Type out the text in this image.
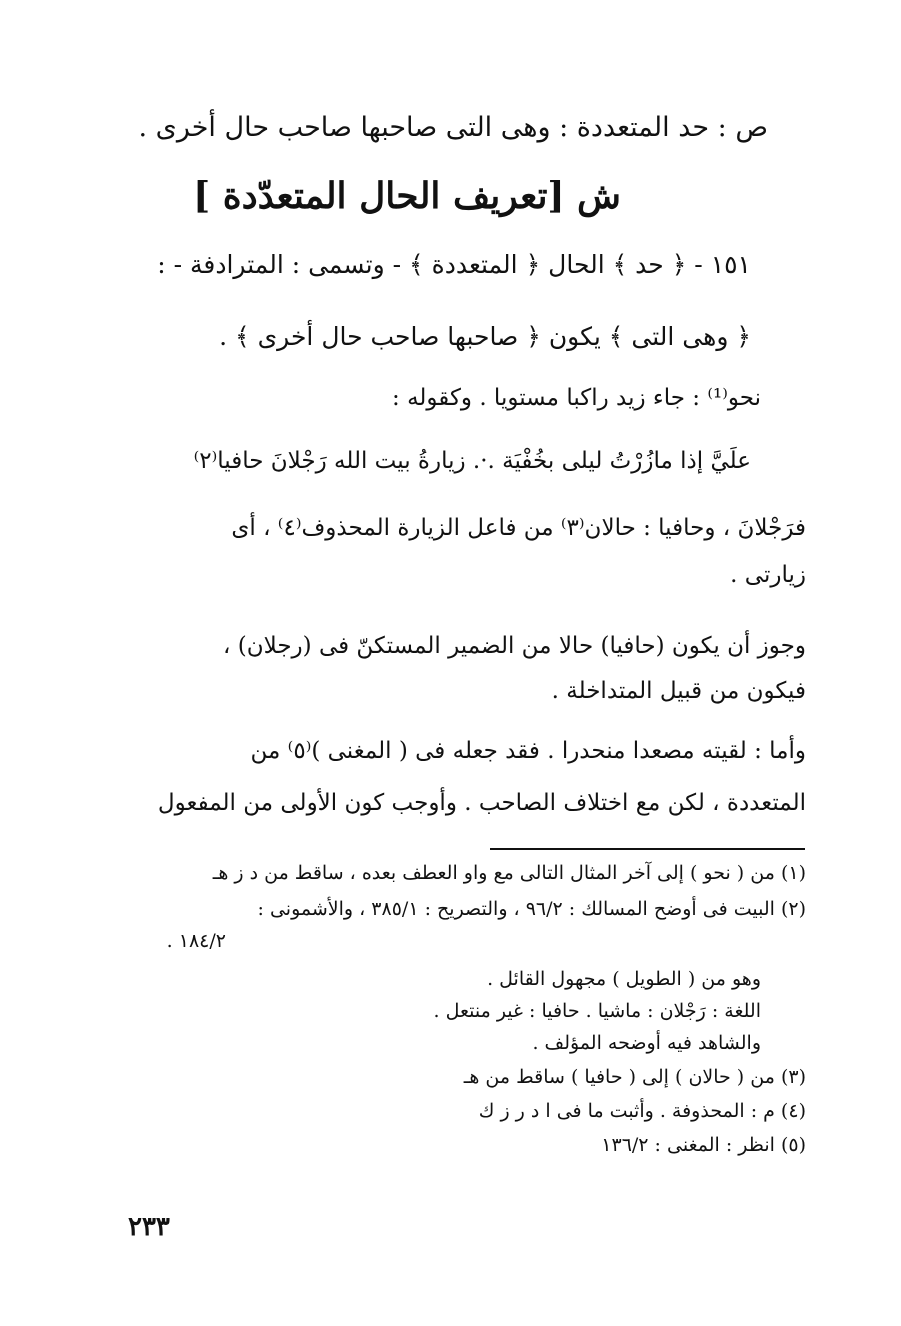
ص : حد المتعددة : وهى التى صاحبها صاحب حال أخرى .
ش [تعريف الحال المتعدّدة ]
١٥١ - ﴿ حد ﴾ الحال ﴿ المتعددة ﴾ - وتسمى : المترادفة - :
﴿ وهى التى ﴾ يكون ﴿ صاحبها صاحب حال أخرى ﴾ .
نحو⁽¹⁾ : جاء زيد راكبا مستويا . وكقوله :
علَيَّ إذا مازُرْتُ ليلى بخُفْيَة .·. زيارةُ بيت الله رَجْلانَ حافيا⁽٢⁾
فرَجْلانَ ، وحافيا : حالان⁽٣⁾ من فاعل الزيارة المحذوف⁽٤⁾ ، أى
زيارتى .
وجوز أن يكون (حافيا) حالا من الضمير المستكنّ فى (رجلان) ،
فيكون من قبيل المتداخلة .
وأما : لقيته مصعدا منحدرا . فقد جعله فى ( المغنى )⁽٥⁾ من
المتعددة ، لكن مع اختلاف الصاحب . وأوجب كون الأولى من المفعول
(١) من ( نحو ) إلى آخر المثال التالى مع واو العطف بعده ، ساقط من د ز هـ
(٢) البيت فى أوضح المسالك : ٩٦/٢ ، والتصريح : ٣٨٥/١ ، والأشمونى :
١٨٤/٢ .
وهو من ( الطويل ) مجهول القائل .
اللغة : رَجْلان : ماشيا . حافيا : غير منتعل .
والشاهد فيه أوضحه المؤلف .
(٣) من ( حالان ) إلى ( حافيا ) ساقط من هـ
(٤) م : المحذوفة . وأثبت ما فى ا د ر ز ك
(٥) انظر : المغنى : ١٣٦/٢
٢٣٣
